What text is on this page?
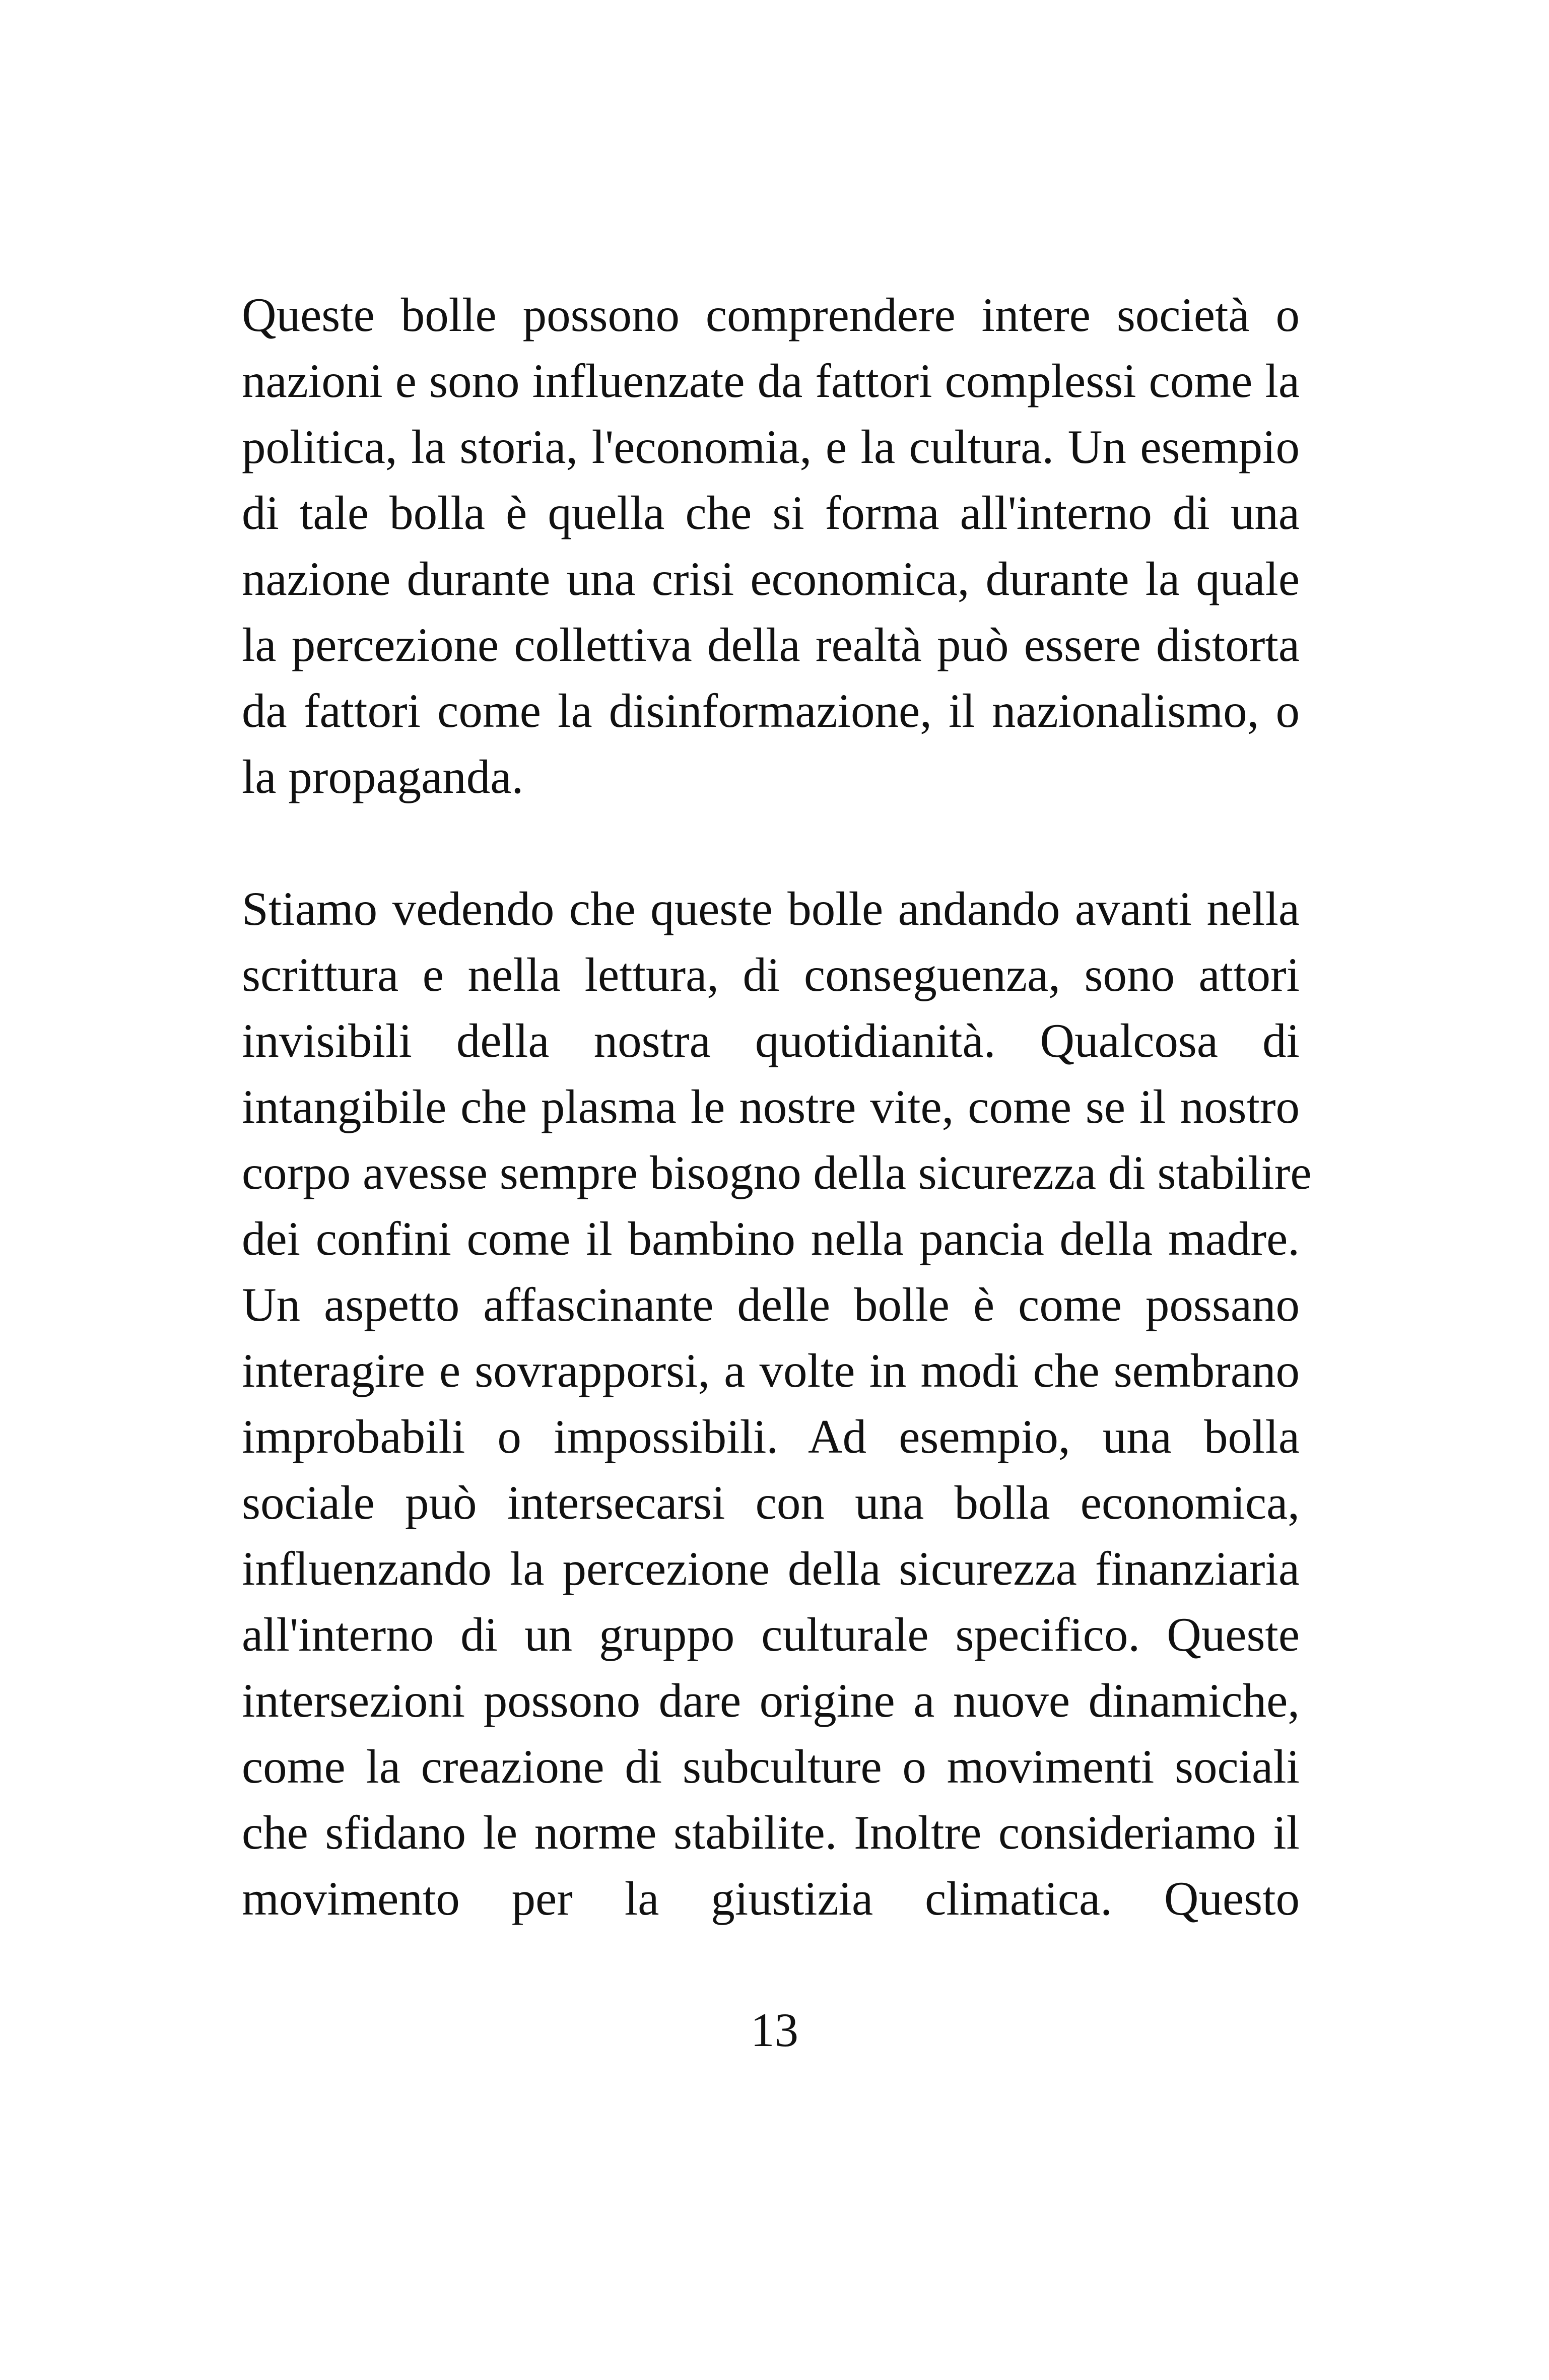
Queste bolle possono comprendere intere società o
nazioni e sono influenzate da fattori complessi come la
politica, la storia, l'economia, e la cultura. Un esempio
di tale bolla è quella che si forma all'interno di una
nazione durante una crisi economica, durante la quale
la percezione collettiva della realtà può essere distorta
da fattori come la disinformazione, il nazionalismo, o
la propaganda.

Stiamo vedendo che queste bolle andando avanti nella
scrittura e nella lettura, di conseguenza, sono attori
invisibili della nostra quotidianità. Qualcosa di
intangibile che plasma le nostre vite, come se il nostro
corpo avesse sempre bisogno della sicurezza di stabilire
dei confini come il bambino nella pancia della madre.
Un aspetto affascinante delle bolle è come possano
interagire e sovrapporsi, a volte in modi che sembrano
improbabili o impossibili. Ad esempio, una bolla
sociale può intersecarsi con una bolla economica,
influenzando la percezione della sicurezza finanziaria
all'interno di un gruppo culturale specifico. Queste
intersezioni possono dare origine a nuove dinamiche,
come la creazione di subculture o movimenti sociali
che sfidano le norme stabilite. Inoltre consideriamo il
movimento per la giustizia climatica. Questo

13
